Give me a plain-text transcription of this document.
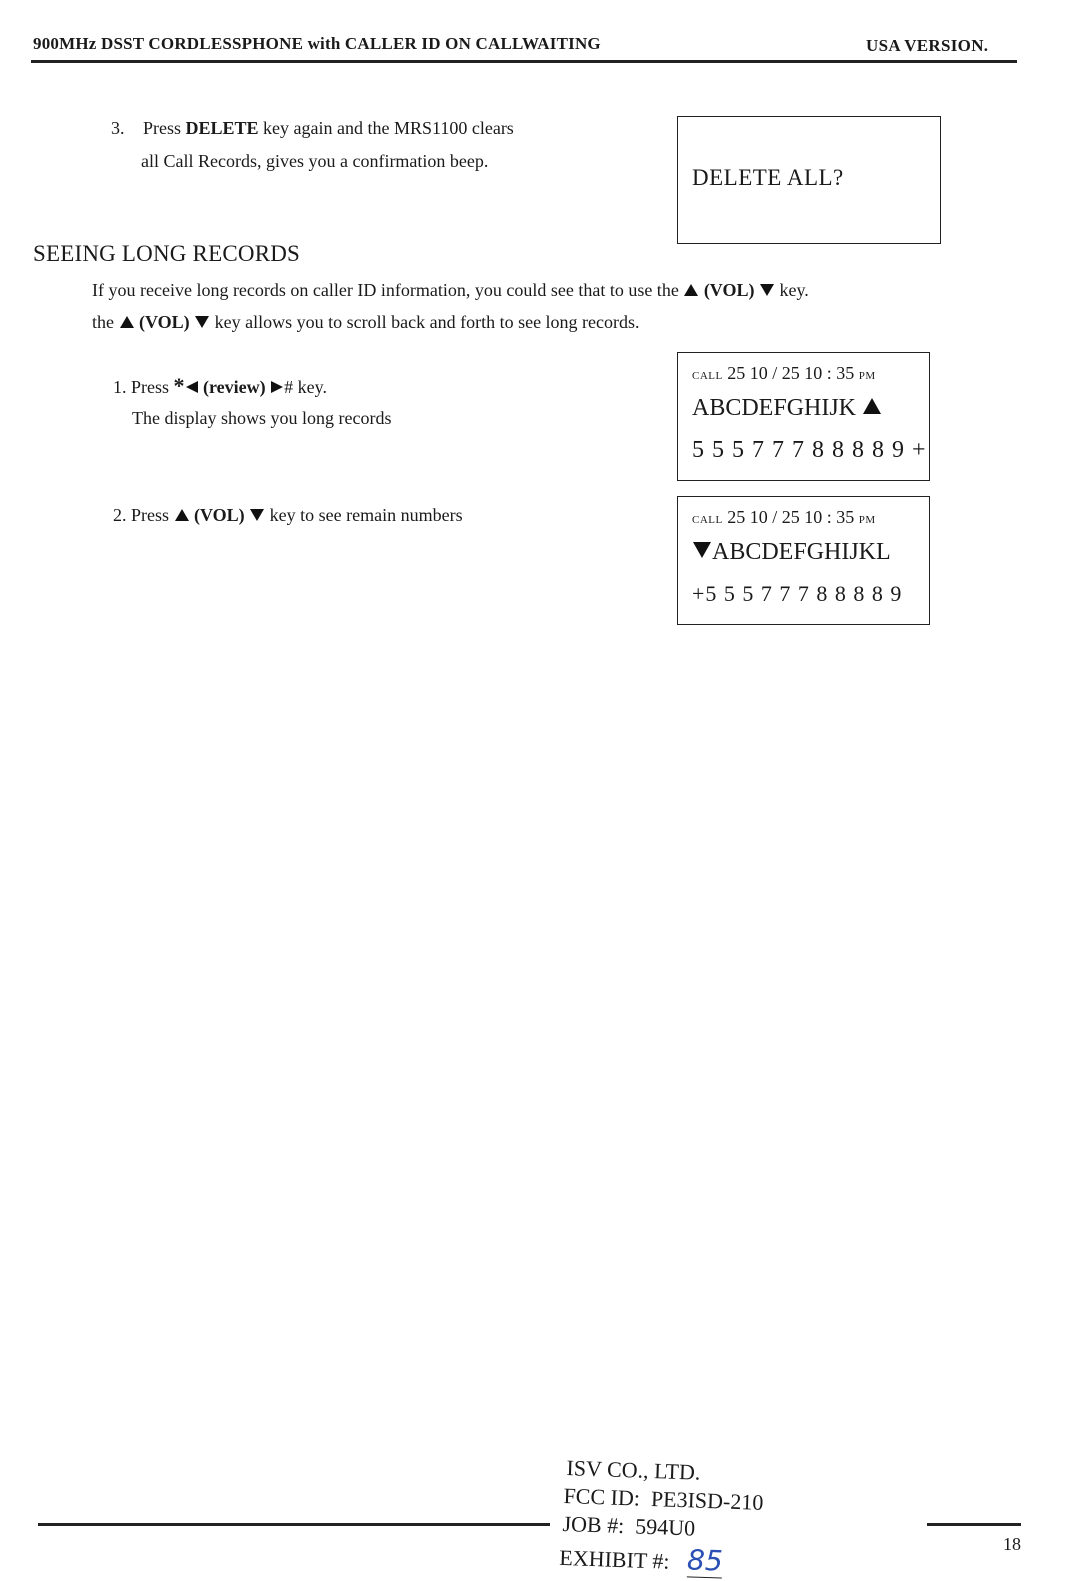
900MHz DSST CORDLESSPHONE with CALLER ID ON CALLWAITING	USA VERSION.
3. Press DELETE key again and the MRS1100 clears
all Call Records, gives you a confirmation beep.
DELETE ALL?
SEEING LONG RECORDS
If you receive long records on caller ID information, you could see that to use the  (VOL)  key.
the  (VOL)  key allows you to scroll back and forth to see long records.
1. Press * (review) # key.
The display shows you long records
CALL 25 10 / 25 10 : 35 PM
ABCDEFGHIJK
5 5 5 7 7 7 8 8 8 8 9 +
2. Press  (VOL)  key to see remain numbers	CALL 25 10 / 25 10 : 35 PM
ABCDEFGHIJKL
+5 5 5 7 7 7 8 8 8 8 9
ISV CO., LTD.
FCC ID: PE3ISD-210
JOB #: 594U0
EXHIBIT #: 85	18
